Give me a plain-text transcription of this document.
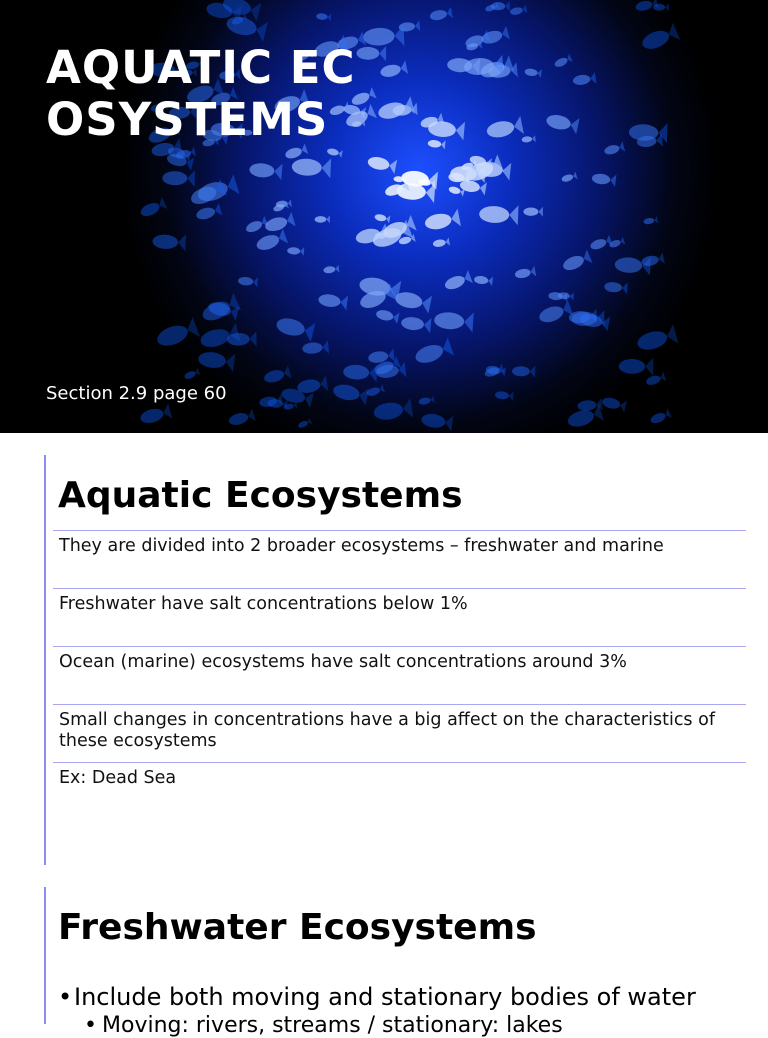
AQUATIC ECOSYSTEMS
Section 2.9 page 60
Aquatic Ecosystems
They are divided into 2 broader ecosystems – freshwater and marine
Freshwater have salt concentrations below 1%
Ocean (marine) ecosystems have salt concentrations around 3%
Small changes in concentrations have a big affect on the characteristics of these ecosystems
Ex: Dead Sea
Freshwater Ecosystems
•Include both moving and stationary bodies of water
• Moving: rivers, streams / stationary: lakes
